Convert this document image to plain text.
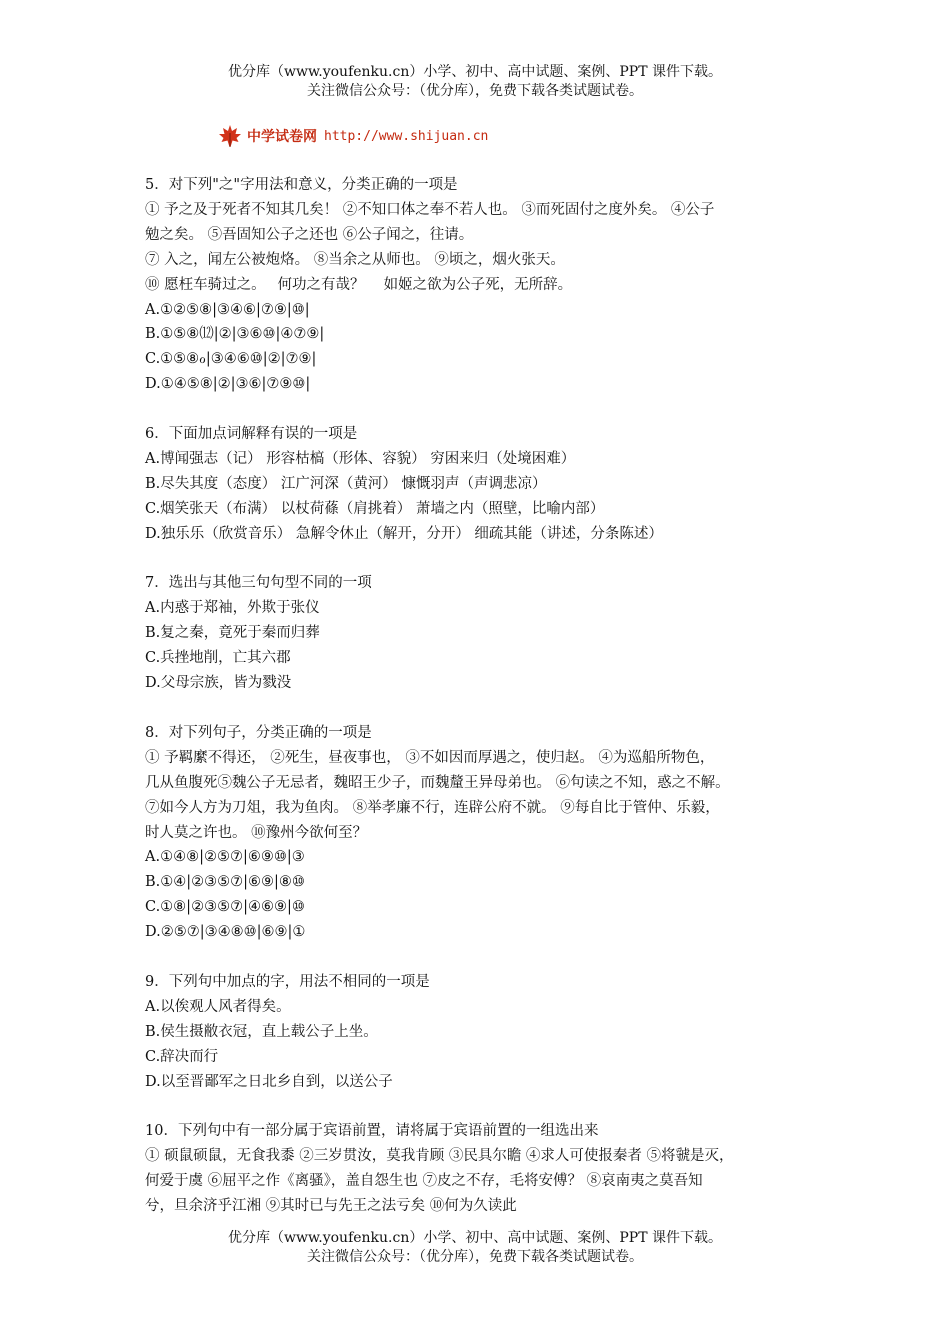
优分库（www.youfenku.cn）小学、初中、高中试题、案例、PPT 课件下载。
关注微信公众号：（优分库），免费下载各类试题试卷。
中学试卷网 http://www.shijuan.cn

5．对下列"之"字用法和意义，分类正确的一项是

① 予之及于死者不知其几矣！ ②不知口体之奉不若人也。 ③而死固付之度外矣。 ④公子

勉之矣。 ⑤吾固知公子之还也 ⑥公子闻之，往请。

⑦ 入之，闻左公被炮烙。 ⑧当余之从师也。 ⑨顷之，烟火张天。

⑩ 愿枉车骑过之。　 何功之有哉？　 如姬之欲为公子死，无所辞。

A.①②⑤⑧|③④⑥|⑦⑨|⑩|

B.①⑤⑧⑿|②|③⑥⑩|④⑦⑨|

C.①⑤⑧ℴ|③④⑥⑩|②|⑦⑨|

D.①④⑤⑧|②|③⑥|⑦⑨⑩|

6．下面加点词解释有误的一项是

A.博闻强志（记） 形容枯槁（形体、容貌） 穷困来归（处境困难）

B.尽失其度（态度） 江广河深（黄河） 慷慨羽声（声调悲凉）

C.烟笑张天（布满） 以杖荷蓧（肩挑着） 萧墙之内（照壁，比喻内部）

D.独乐乐（欣赏音乐） 急解令休止（解开，分开） 细疏其能（讲述，分条陈述）

7．选出与其他三句句型不同的一项

A.内惑于郑袖，外欺于张仪

B.复之秦，竟死于秦而归葬

C.兵挫地削，亡其六郡

D.父母宗族，皆为戮没

8．对下列句子，分类正确的一项是

① 予羁縻不得还， ②死生，昼夜事也， ③不如因而厚遇之，使归赵。 ④为巡船所物色，

几从鱼腹死⑤魏公子无忌者，魏昭王少子，而魏釐王异母弟也。 ⑥句读之不知，惑之不解。

⑦如今人方为刀俎，我为鱼肉。 ⑧举孝廉不行，连辟公府不就。 ⑨每自比于管仲、乐毅，

时人莫之许也。 ⑩豫州今欲何至？

A.①④⑧|②⑤⑦|⑥⑨⑩|③

B.①④|②③⑤⑦|⑥⑨|⑧⑩

C.①⑧|②③⑤⑦|④⑥⑨|⑩

D.②⑤⑦|③④⑧⑩|⑥⑨|①

9．下列句中加点的字，用法不相同的一项是

A.以俟观人风者得矣。

B.侯生摄敝衣冠，直上载公子上坐。

C.辞决而行

D.以至晋鄙军之日北乡自到，以送公子

10．下列句中有一部分属于宾语前置，请将属于宾语前置的一组选出来

① 硕鼠硕鼠，无食我黍 ②三岁贯汝，莫我肯顾 ③民具尔瞻 ④求人可使报秦者 ⑤将虢是灭，

何爱于虞 ⑥屈平之作《离骚》，盖自怨生也 ⑦皮之不存，毛将安傅？ ⑧哀南夷之莫吾知

兮，旦余济乎江湘 ⑨其时已与先王之法亏矣 ⑩何为久读此

优分库（www.youfenku.cn）小学、初中、高中试题、案例、PPT 课件下载。
关注微信公众号：（优分库），免费下载各类试题试卷。
